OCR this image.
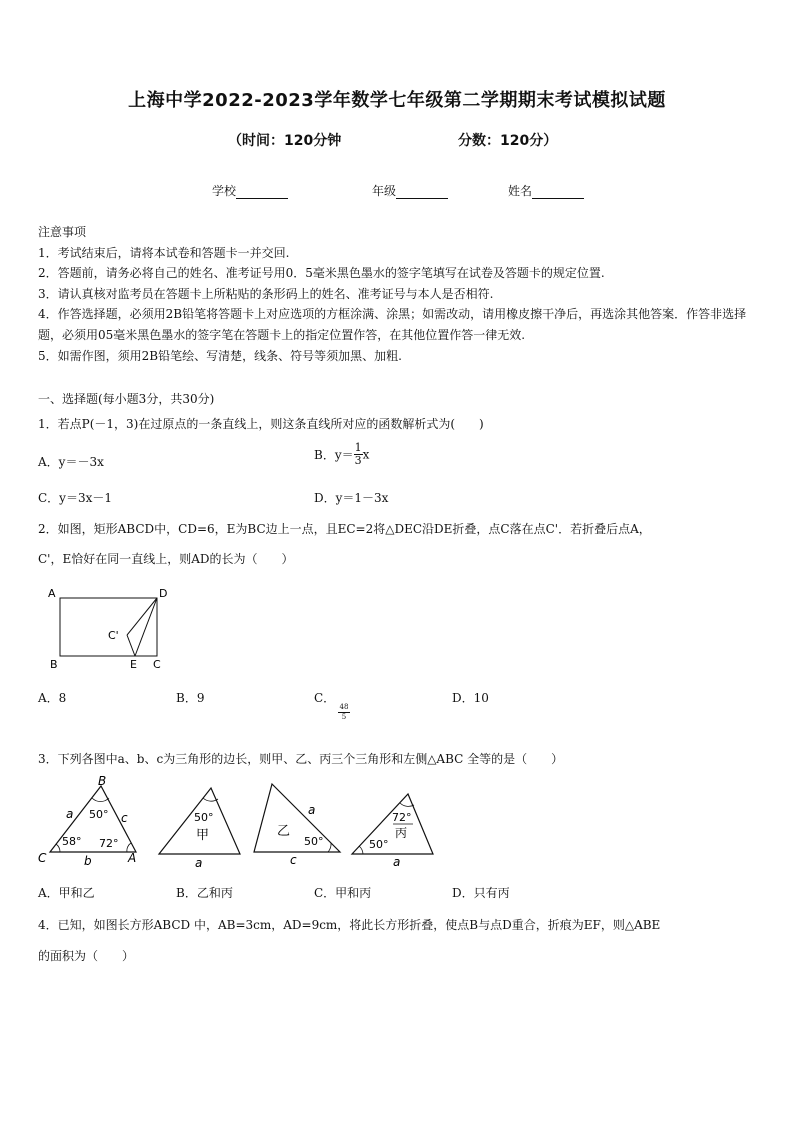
上海中学2022-2023学年数学七年级第二学期期末考试模拟试题
（时间：120分钟	分数：120分）
学校	年级	姓名

注意事项

1．考试结束后，请将本试卷和答题卡一并交回.

2．答题前，请务必将自己的姓名、准考证号用0．5毫米黑色墨水的签字笔填写在试卷及答题卡的规定位置.

3．请认真核对监考员在答题卡上所粘贴的条形码上的姓名、准考证号与本人是否相符.

4．作答选择题，必须用2B铅笔将答题卡上对应选项的方框涂满、涂黑；如需改动，请用橡皮擦干净后，再选涂其他答案．作答非选择题，必须用05毫米黑色墨水的签字笔在答题卡上的指定位置作答，在其他位置作答一律无效.

5．如需作图，须用2B铅笔绘、写清楚，线条、符号等须加黑、加粗.

一、选择题(每小题3分，共30分)
1．若点P(－1，3)在过原点的一条直线上，则这条直线所对应的函数解析式为(　　)
A．y＝－3x	B．$y= \frac{1}{3}$ x
C．y＝3x－1	D．y＝1－3x
2．如图，矩形ABCD中，CD=6，E为BC边上一点，且EC=2将△DEC沿DE折叠，点C落在点C'．若折叠后点A，
C'，E恰好在同一直线上，则AD的长为（　　）
A	D
B	E C
C'
A．8	B．9	C．
$\frac{48}{5}$
D．10
3．下列各图中a、b、c为三角形的边长，则甲、乙、丙三个三角形和左侧△ABC 全等的是（　　）
B
C	A
a	c
b
50°
58° 72°
50°
甲
a
乙
50°
a
c
72°
丙
50°
a
A．甲和乙	B．乙和丙	C．甲和丙	D．只有丙
4．已知，如图长方形ABCD 中，AB=3cm，AD=9cm，将此长方形折叠，使点B与点D重合，折痕为EF，则△ABE
的面积为（　　）
